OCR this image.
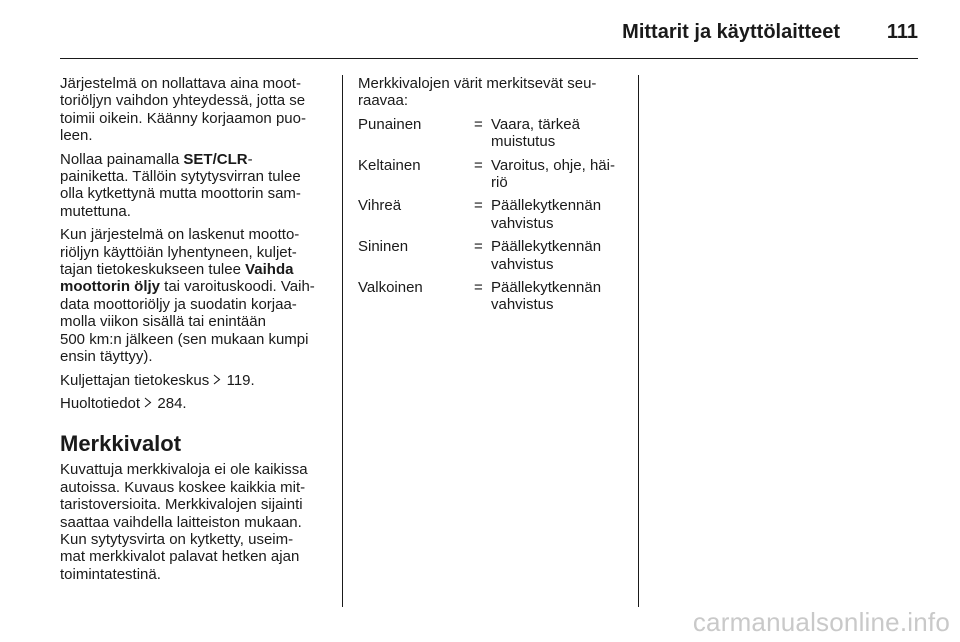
Mittarit ja käyttölaitteet 111

Järjestelmä on nollattava aina moot-
toriöljyn vaihdon yhteydessä, jotta se
toimii oikein. Käänny korjaamon puo-
leen.

Nollaa painamalla SET/CLR-
painiketta. Tällöin sytytysvirran tulee
olla kytkettynä mutta moottorin sam-
mutettuna.

Kun järjestelmä on laskenut mootto-
riöljyn käyttöiän lyhentyneen, kuljet-
tajan tietokeskukseen tulee Vaihda
moottorin öljy tai varoituskoodi. Vaih-
data moottoriöljy ja suodatin korjaa-
molla viikon sisällä tai enintään
500 km:n jälkeen (sen mukaan kumpi
ensin täyttyy).

Kuljettajan tietokeskus  119.

Huoltotiedot  284.

Merkkivalot

Kuvattuja merkkivaloja ei ole kaikissa
autoissa. Kuvaus koskee kaikkia mit-
taristoversioita. Merkkivalojen sijainti
saattaa vaihdella laitteiston mukaan.
Kun sytytysvirta on kytketty, useim-
mat merkkivalot palavat hetken ajan
toimintatestinä.

Merkkivalojen värit merkitsevät seu-
raavaa:

Punainen	= Vaara, tärkeä
muistutus
Keltainen	= Varoitus, ohje, häi-
riö
Vihreä	= Päällekytkennän
vahvistus
Sininen	= Päällekytkennän
vahvistus
Valkoinen	= Päällekytkennän
vahvistus
carmanualsonline.info
